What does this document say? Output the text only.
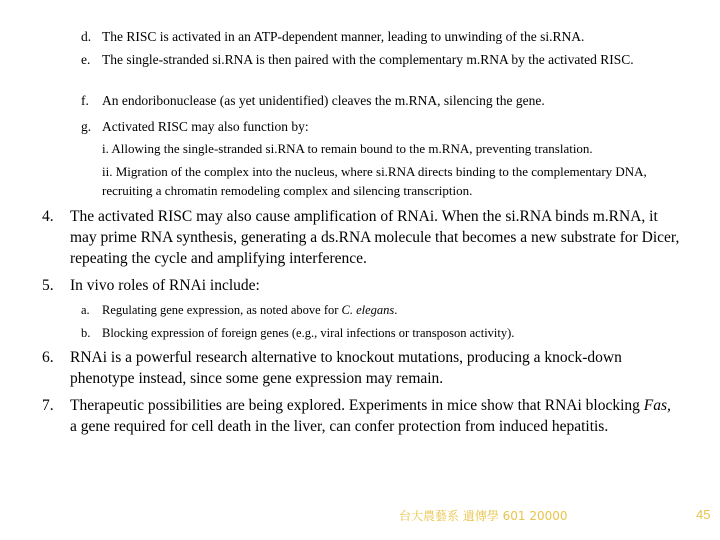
d. The RISC is activated in an ATP-dependent manner, leading to unwinding of the si.RNA.
e. The single-stranded si.RNA is then paired with the complementary m.RNA by the activated RISC.
f. An endoribonuclease (as yet unidentified) cleaves the m.RNA, silencing the gene.
g. Activated RISC may also function by:
i. Allowing the single-stranded si.RNA to remain bound to the m.RNA, preventing translation.
ii. Migration of the complex into the nucleus, where si.RNA directs binding to the complementary DNA, recruiting a chromatin remodeling complex and silencing transcription.
4.	The activated RISC may also cause amplification of RNAi. When the si.RNA binds m.RNA, it may prime RNA synthesis, generating a ds.RNA molecule that becomes a new substrate for Dicer, repeating the cycle and amplifying interference.
5.	In vivo roles of RNAi include:
a. Regulating gene expression, as noted above for C. elegans.
b. Blocking expression of foreign genes (e.g., viral infections or transposon activity).
6.	RNAi is a powerful research alternative to knockout mutations, producing a knock-down phenotype instead, since some gene expression may remain.
7.	Therapeutic possibilities are being explored. Experiments in mice show that RNAi blocking Fas, a gene required for cell death in the liver, can confer protection from induced hepatitis.
台大農藝系 遺傳學 601 20000	45
